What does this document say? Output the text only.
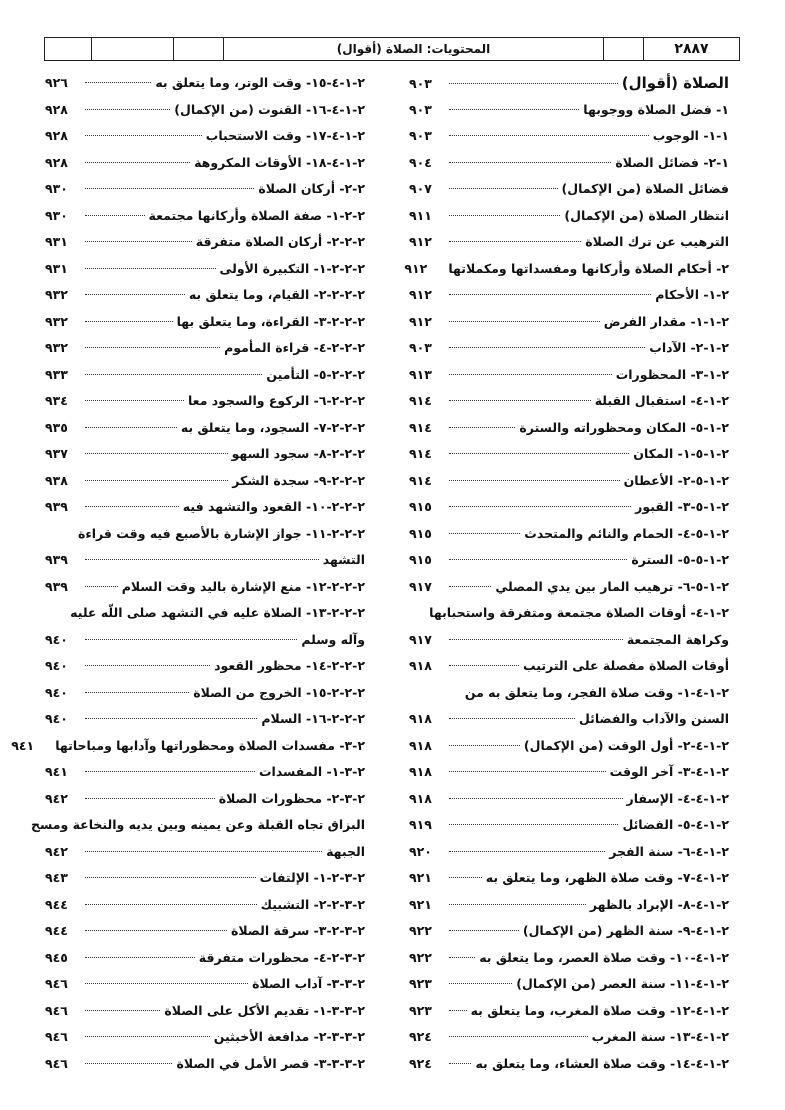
٢٨٨٧
المحتويات: الصلاة (أقوال)
الصلاة (أقوال)
٩٠٣
١- فضل الصلاة ووجوبها
٩٠٣
١-١- الوجوب
٩٠٣
١-٢- فضائل الصلاة
٩٠٤
فضائل الصلاة (من الإكمال)
٩٠٧
انتظار الصلاة (من الإكمال)
٩١١
الترهيب عن ترك الصلاة
٩١٢
٢- أحكام الصلاة وأركانها ومفسداتها ومكملاتها
٩١٢
٢-١- الأحكام
٩١٢
٢-١-١- مقدار الفرض
٩١٢
٢-١-٢- الآداب
٩٠٣
٢-١-٣- المحظورات
٩١٣
٢-١-٤- استقبال القبلة
٩١٤
٢-١-٥- المكان ومحظوراته والسترة
٩١٤
٢-١-٥-١- المكان
٩١٤
٢-١-٥-٢- الأعطان
٩١٤
٢-١-٥-٣- القبور
٩١٥
٢-١-٥-٤- الحمام والنائم والمتحدث
٩١٥
٢-١-٥-٥- السترة
٩١٥
٢-١-٥-٦- ترهيب المار بين يدي المصلي
٩١٧
٢-١-٤- أوقات الصلاة مجتمعة ومتفرقة واستحبابها
وكراهة المجتمعة
٩١٧
أوقات الصلاة مفصلة على الترتيب
٩١٨
٢-١-٤-١- وقت صلاة الفجر، وما يتعلق به من
السنن والآداب والفضائل
٩١٨
٢-١-٤-٢- أول الوقت (من الإكمال)
٩١٨
٢-١-٤-٣- آخر الوقت
٩١٨
٢-١-٤-٤- الإسفار
٩١٨
٢-١-٤-٥- الفضائل
٩١٩
٢-١-٤-٦- سنة الفجر
٩٢٠
٢-١-٤-٧- وقت صلاة الظهر، وما يتعلق به
٩٢١
٢-١-٤-٨- الإبراد بالظهر
٩٢١
٢-١-٤-٩- سنة الظهر (من الإكمال)
٩٢٢
٢-١-٤-١٠- وقت صلاة العصر، وما يتعلق به
٩٢٢
٢-١-٤-١١- سنة العصر (من الإكمال)
٩٢٣
٢-١-٤-١٢- وقت صلاة المغرب، وما يتعلق به
٩٢٣
٢-١-٤-١٣- سنة المغرب
٩٢٤
٢-١-٤-١٤- وقت صلاة العشاء، وما يتعلق به
٩٢٤
٢-١-٤-١٥- وقت الوتر، وما يتعلق به
٩٢٦
٢-١-٤-١٦- القنوت (من الإكمال)
٩٢٨
٢-١-٤-١٧- وقت الاستحباب
٩٢٨
٢-١-٤-١٨- الأوقات المكروهة
٩٢٨
٢-٢- أركان الصلاة
٩٣٠
٢-٢-١- صفة الصلاة وأركانها مجتمعة
٩٣٠
٢-٢-٢- أركان الصلاة متفرقة
٩٣١
٢-٢-٢-١- التكبيرة الأولى
٩٣١
٢-٢-٢-٢- القيام، وما يتعلق به
٩٣٢
٢-٢-٢-٣- القراءة، وما يتعلق بها
٩٣٢
٢-٢-٢-٤- قراءة المأموم
٩٣٢
٢-٢-٢-٥- التأمين
٩٣٣
٢-٢-٢-٦- الركوع والسجود معا
٩٣٤
٢-٢-٢-٧- السجود، وما يتعلق به
٩٣٥
٢-٢-٢-٨- سجود السهو
٩٣٧
٢-٢-٢-٩- سجدة الشكر
٩٣٨
٢-٢-٢-١٠- القعود والتشهد فيه
٩٣٩
٢-٢-٢-١١- جواز الإشارة بالأصبع فيه وقت قراءة
التشهد
٩٣٩
٢-٢-٢-١٢- منع الإشارة باليد وقت السلام
٩٣٩
٢-٢-٢-١٣- الصلاة عليه في التشهد صلى اللّه عليه
وآله وسلم
٩٤٠
٢-٢-٢-١٤- محظور القعود
٩٤٠
٢-٢-٢-١٥- الخروج من الصلاة
٩٤٠
٢-٢-٢-١٦- السلام
٩٤٠
٢-٣- مفسدات الصلاة ومحظوراتها وآدابها ومباحاتها
٩٤١
٢-٣-١- المفسدات
٩٤١
٢-٣-٢- محظورات الصلاة
٩٤٢
البزاق تجاه القبلة وعن يمينه وبين يديه والنخاعة ومسح
الجبهة
٩٤٢
٢-٣-٢-١- الإلتفات
٩٤٣
٢-٣-٢-٢- التشبيك
٩٤٤
٢-٣-٢-٣- سرقة الصلاة
٩٤٤
٢-٣-٢-٤- محظورات متفرقة
٩٤٥
٢-٣-٣- آداب الصلاة
٩٤٦
٢-٣-٣-١- تقديم الأكل على الصلاة
٩٤٦
٢-٣-٣-٢- مدافعة الأخبثين
٩٤٦
٢-٣-٣-٣- قصر الأمل في الصلاة
٩٤٦
